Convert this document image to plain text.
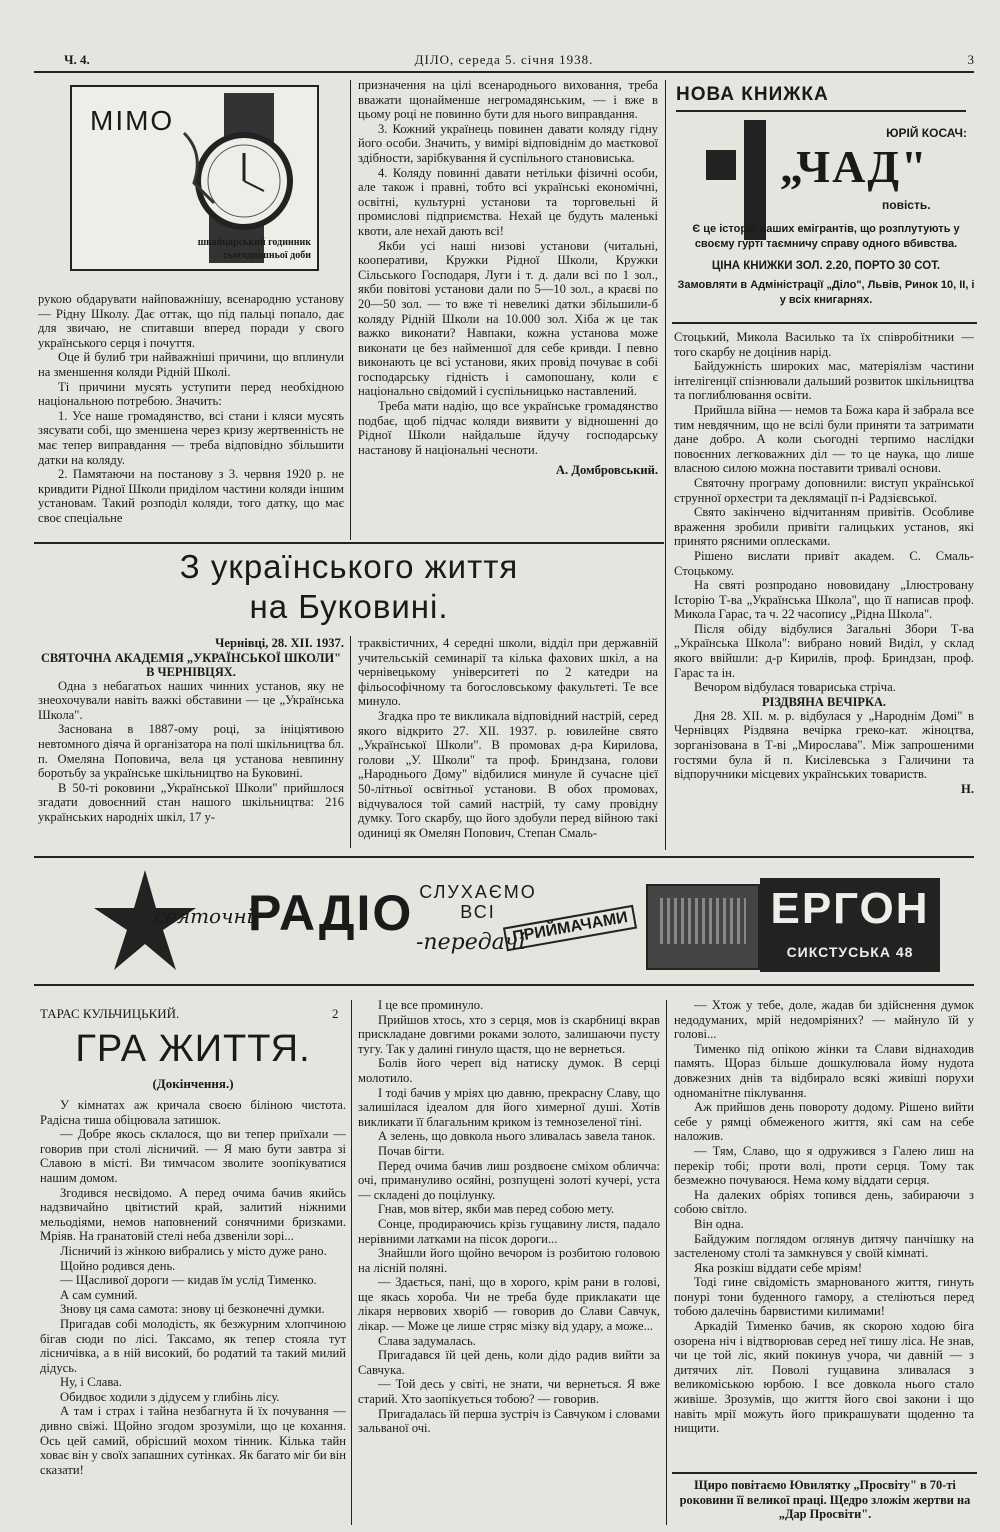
Ч. 4.	ДІЛО, середа 5. січня 1938.	3
MIMO
швайцарський годинник
сьогоднішньої доби

рукою обдарувати найповажнішу, всенародню установу — Рідну Школу. Дає оттак, що під пальці попало, дає для звичаю, не спитавши вперед поради у свого українського серця і почуття.

Оце й булиб три найважніші причини, що вплинули на зменшення коляди Рідній Школі.

Ті причини мусять уступити перед необхідною національною потребою. Значить:

1. Усе наше громадянство, всі стани і кляси мусять зясувати собі, що зменшена через кризу жертвенність не має тепер виправдання — треба відповідно збільшити датки на коляду.

2. Памятаючи на постанову з 3. червня 1920 р. не кривдити Рідної Школи придiлом частини коляди іншим установам. Такий розподіл коляди, того датку, що має своє спеціальне

призначення на цілі всенароднього виховання, треба вважати щонайменше негромадянським, — і вже в цьому році не повинно бути для нього виправдання.

3. Кожний українець повинен давати коляду гідну його особи. Значить, у вимірі відповіднім до маєткової здібности, зарібкування й суспільного становиська.

4. Коляду повинні давати нетільки фізичні особи, але також і правні, тобто всі українські економічні, освітні, культурні установи та торговельні й промислові підприємства. Нехай це будуть маленькі квоти, але нехай дають всі!

Якби усі наші низові установи (читальні, кооперативи, Кружки Рідної Школи, Кружки Сільського Господаря, Луги і т. д. дали всі по 1 зол., якби повітові установи дали по 5—10 зол., а краєві по 20—50 зол. — то вже ті невеликі датки збільшили-б коляду Рідній Школи на 10.000 зол. Хіба ж це так важко виконати? Навпаки, кожна установа може виконати це без найменшої для себе кривди. І певно виконають це всі установи, яких провід почуває в собі господарську гідність і самопошану, коли є національно свідомий і суспільницько наставлений.

Треба мати надію, що все українське громадянство подбає, щоб підчас коляди виявити у відношенні до Рідної Школи найдальше йдучу господарську настанову й національні чесноти.

А. Домбровський.

НОВА КНИЖКА
ЮРІЙ КОСАЧ:
„ЧАД"
повість.
Є це історія наших емігрантів, що розплутують у своєму гурті таємничу справу одного вбивства.
ЦІНА КНИЖКИ ЗОЛ. 2.20, ПОРТО 30 СОТ.
Замовляти в Адміністрації „Діло", Львів, Ринок 10, ІІ, і у всіх книгарнях.

Стоцький, Микола Василько та їх співробітники — того скарбу не доцінив нарід.

Байдужність широких мас, матеріялізм частини інтелігенції спізнювали дальший розвиток шкільництва та поглиблювання освіти.

Прийшла війна — немов та Божа кара й забрала все тим невдячним, що не всілі були приняти та затримати дане добро. А коли сьогодні терпимо наслідки повоєнних легковажних діл — то це наука, що лише власною силою можна поставити тривалі основи.

Святочну програму доповнили: виступ української струнної орхестри та деклямації п-і Радзієвської.

Свято закінчено відчитанням привітів. Особливе враження зробили привіти галицьких установ, які принято рясними оплесками.

Рішено вислати привіт академ. С. Смаль-Стоцькому.

На святі розпродано нововидану „Ілюстровану Історію Т-ва „Українська Школа", що її написав проф. Микола Гарас, та ч. 22 часопису „Рідна Школа".

Після обіду відбулися Загальні Збори Т-ва „Українська Школа": вибрано новий Виділ, у склад якого ввійшли: д-р Кирилів, проф. Бриндзан, проф. Гарас та ін.

Вечором відбулася товариська стріча.

РІЗДВЯНА ВЕЧІРКА.

Дня 28. XII. м. р. відбулася у „Народнім Домі" в Чернівцях Різдвяна вечірка греко-кат. жіноцтва, зорганізована в Т-ві „Мирослава". Між запрошеними гостями була й п. Кисілевська з Галичини та відпоручники місцевих українських товариств.

Н.

З українського життя
на Буковині.

Чернівці, 28. XII. 1937.

СВЯТОЧНА АКАДЕМІЯ „УКРАЇНСЬКОЇ ШКОЛИ" В ЧЕРНІВЦЯХ.

Одна з небагатьох наших чинних установ, яку не знеохочували навіть важкі обставини — це „Українська Школа".

Заснована в 1887-ому році, за ініціятивою невтомного діяча й організатора на полі шкільництва бл. п. Омеляна Поповича, вела ця установа невпинну боротьбу за українське шкільництво на Буковині.

В 50-ті роковини „Української Школи" прийшлося згадати довоєнний стан нашого шкільництва: 216 українських народніх шкіл, 17 у-

траквістичних, 4 середні школи, відділ при державній учительській семинарії та кілька фахових шкіл, а на чернівецькому університеті по 2 катедри на фільософічному та богословському факультеті. Те все минуло.

Згадка про те викликала відповідний настрій, серед якого відкрито 27. XII. 1937. р. ювилейне свято „Української Школи". В промовах д-ра Кирилова, голови „У. Школи" та проф. Бриндзана, голови „Народнього Дому" відбилися минуле й сучасне цієї 50-літньої освітньої установи. В обох промовах, відчувалося той самий настрій, ту саму провідну думку. Того скарбу, що його здобули перед війною такі одиниці як Омелян Попович, Степан Смаль-

святочні
РАДІО
-передачі
СЛУХАЄМО ВСІ ПРИЙМАЧАМИ	ЕРГОН
СИКСТУСЬКА 48
ТАРАС КУЛЬЧИЦЬКИЙ.	2
ГРА ЖИТТЯ.
(Докінчення.)

У кімнатах аж кричала своєю біліною чистота. Радісна тиша обіцювала затишок.

— Добре якось склалося, що ви тепер приїхали — говорив при столі лісничий. — Я маю бути завтра зі Славою в місті. Ви тимчасом зволите зоопікуватися нашим домом.

Згодився несвідомо. А перед очима бачив якийсь надзвичайно цвітистий край, залитий ніжними мельодіями, немов наповнений сонячними бризками. Мріяв. На гранатовій стелі неба дзвеніли зорі...

Лісничий із жінкою вибрались у місто дуже рано.

Щойно родився день.

— Щасливої дороги — кидав їм услід Тименко.

А сам сумний.

Знову ця сама самота: знову ці безконечні думки.

Пригадав собі молодість, як безжурним хлопчиною бігав сюди по лісі. Таксамо, як тепер стояла тут лісничівка, а в ній високий, бо родатий та такий милий дідусь.

Ну, і Слава.

Обидвоє ходили з дідусем у глибінь лісу.

А там і страх і тайна незбагнута й їх почування — дивно свіжі. Щойно згодом зрозуміли, що це кохання. Ось цей самий, обрісший мохом тінник. Кілька тайн ховає він у своїх запашних сутінках. Як багато міг би він сказати!

І це все проминуло.

Прийшов хтось, хто з серця, мов із скарбниці вкрав прискладане довгими роками золото, залишаючи пусту тугу. Так у далині гинуло щастя, що не вернеться.

Болів його череп від натиску думок. В серці молотило.

І тоді бачив у мріях цю давню, прекрасну Славу, що залишілася ідеалом для його химерної душі. Хотів викликати її благальним криком із темнозеленої тіні.

А зелень, що довкола нього зливалась завела танок.

Почав бігти.

Перед очима бачив лиш роздвоєне сміхом обличча: очі, примануливо осяйні, розпущені золоті кучері, уста — складені до поцілунку.

Гнав, мов вітер, якби мав перед собою мету.

Сонце, продираючись крізь гущавину листя, падало нерівними латками на пісок дороги...

Знайшли його щойно вечором із розбитою головою на лісній поляні.

— Здається, пані, що в хорого, крім рани в голові, ще якась хорoба. Чи не треба буде приклакати ще лікаря нервових хворіб — говорив до Слави Савчук, лікар. — Може це лише стряс мізку від удару, а можe...

Слава задумалась.

Пригадався їй цей день, коли дідо радив вийти за Савчука.

— Той десь у світі, не знати, чи вернеться. Я вже старий. Хто заопікується тобою? — говорив.

Пригадалась їй перша зустріч із Савчуком і словами зальваної очі.

— Хтож у тебе, доле, жадав би здійснення думок недодуманих, мрій недомріяних? — майнуло їй у голові...

Тименко під опікою жінки та Слави віднаходив память. Щораз більше дошкулювала йому нудота довжезних днів та відбирало всякі живіші порухи одноманітне піклування.

Аж прийшов день повороту додому. Рішено вийти себе у рямці обмеженого життя, які сам на себе наложив.

— Тям, Славо, що я одружився з Галею лиш на перекір тобі; проти волі, проти серця. Тому так безмежно почуваюся. Нема кому віддати серця.

На далеких обріях топився день, забираючи з собою світло.

Він одна.

Байдужим поглядом оглянув дитячу панчішку на застеленому столі та замкнувся у своїй кімнаті.

Яка розкіш віддати себе мріям!

Тоді гине свідомість змарнованого життя, гинуть понурі тони буденного гамору, а стеліються перед тобою далечінь барвистими килимами!

Аркадій Тименко бачив, як скорою ходою біга озорена ніч і відтворював серед неї тишу ліса. Не знав, чи це той ліс, який покинув учора, чи давній — з дитячих літ. Поволі гущавина зливалася з великоміською юрбою. І все довкола нього стало живіше. Зрозумів, що життя його своі закони і що навіть мрії можуть його прикрашувати щоденно та нищити.

Щиро повітаємо Ювилятку „Просвіту" в 70-ті роковини її великої праці. Щедро зложім жертви на „Дар Просвіти".
